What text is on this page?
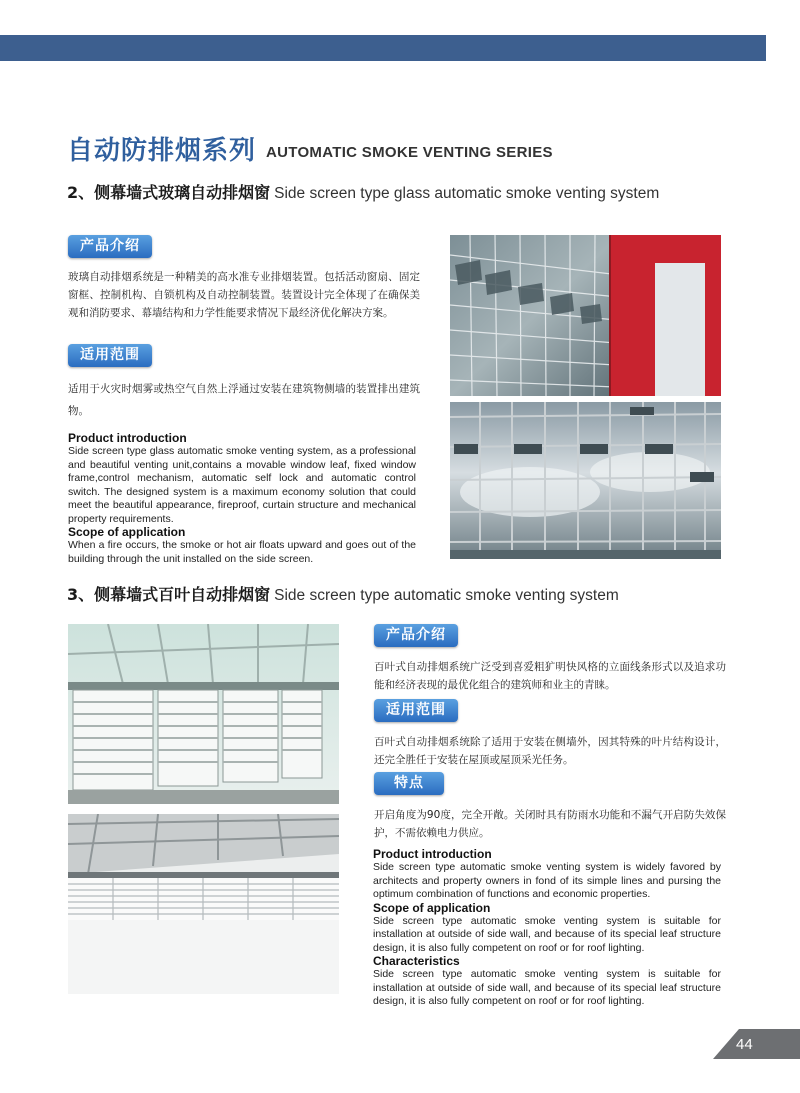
自动防排烟系列 AUTOMATIC SMOKE VENTING SERIES
2、侧幕墙式玻璃自动排烟窗 Side screen type glass automatic smoke venting system
产品介绍
玻璃自动排烟系统是一种精美的高水准专业排烟装置。包括活动窗扇、固定窗框、控制机构、自锁机构及自动控制装置。装置设计完全体现了在确保美观和消防要求、幕墙结构和力学性能要求情况下最经济优化解决方案。
适用范围
适用于火灾时烟雾或热空气自然上浮通过安装在建筑物侧墙的装置排出建筑物。
Product introduction
Side screen type glass automatic smoke venting system, as a professional and beautiful venting unit,contains a movable window leaf, fixed window frame,control mechanism, automatic self lock and automatic control switch. The designed system is a maximum economy solution that could meet the beautiful appearance, fireproof, curtain structure and mechanical property requirements.
Scope of application
When a fire occurs, the smoke or hot air floats upward and goes out of the building through the unit installed on the side screen.
3、侧幕墙式百叶自动排烟窗 Side screen type automatic smoke venting system
产品介绍
百叶式自动排烟系统广泛受到喜爱粗犷明快风格的立面线条形式以及追求功能和经济表现的最优化组合的建筑师和业主的青睐。
适用范围
百叶式自动排烟系统除了适用于安装在侧墙外，因其特殊的叶片结构设计，还完全胜任于安装在屋顶或屋顶采光任务。
特点
开启角度为90度，完全开敞。关闭时具有防雨水功能和不漏气开启防失效保护，不需依赖电力供应。
Product introduction
Side screen type automatic smoke venting system is widely favored by architects and property owners in fond of its simple lines and pursing the optimum combination of functions and economic properties.
Scope of application
Side screen type automatic smoke venting system is suitable for installation at outside of side wall, and because of its special leaf structure design, it is also fully competent on roof or for roof lighting.
Characteristics
Side screen type automatic smoke venting system is suitable for installation at outside of side wall, and because of its special leaf structure design, it is also fully competent on roof or for roof lighting.
44
